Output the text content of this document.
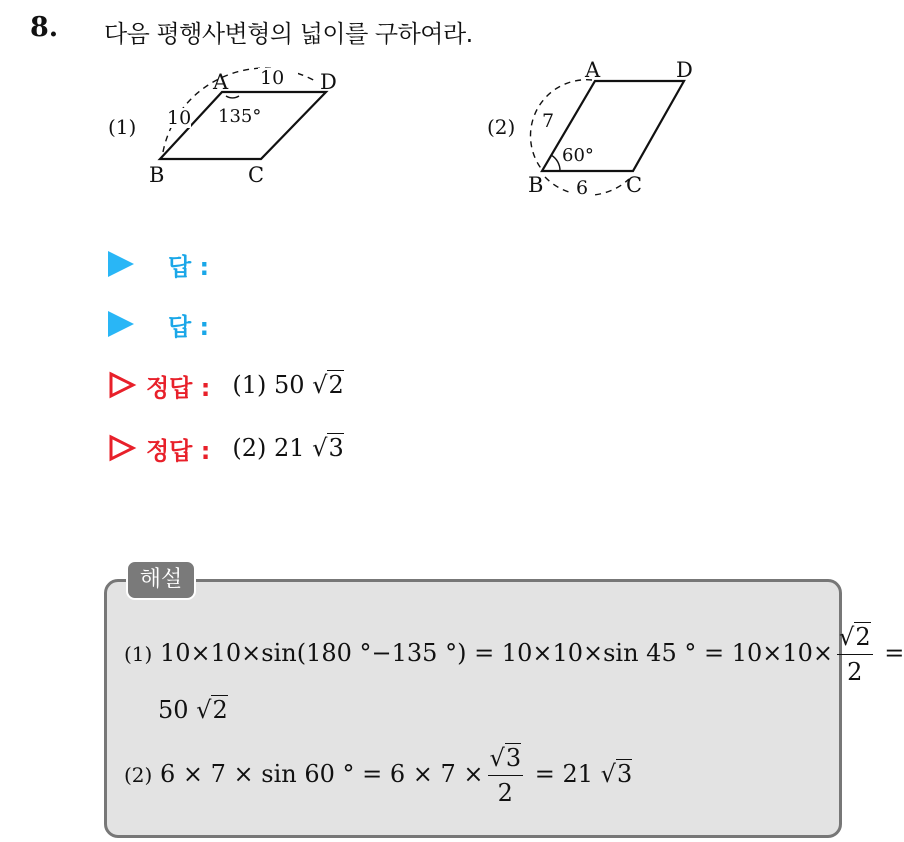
8. 다음 평행사변형의 넓이를 구하여라.
(1)
10
10 135°
A	D
B	C
(2) 7
6
60°
A	D
B	C
답 :
답 :
정답 : (1) 50 √2
정답 : (2) 21 √3
해설
(1) 10×10×sin(180 °−135 °) = 10×10×sin 45 ° = $10\times 10\times \frac{√2}{2}$ =
50 √2
(2) 6 × 7 × sin 60 ° = $6 \times 7 \times \frac{√3}{2} = 21$ √3
